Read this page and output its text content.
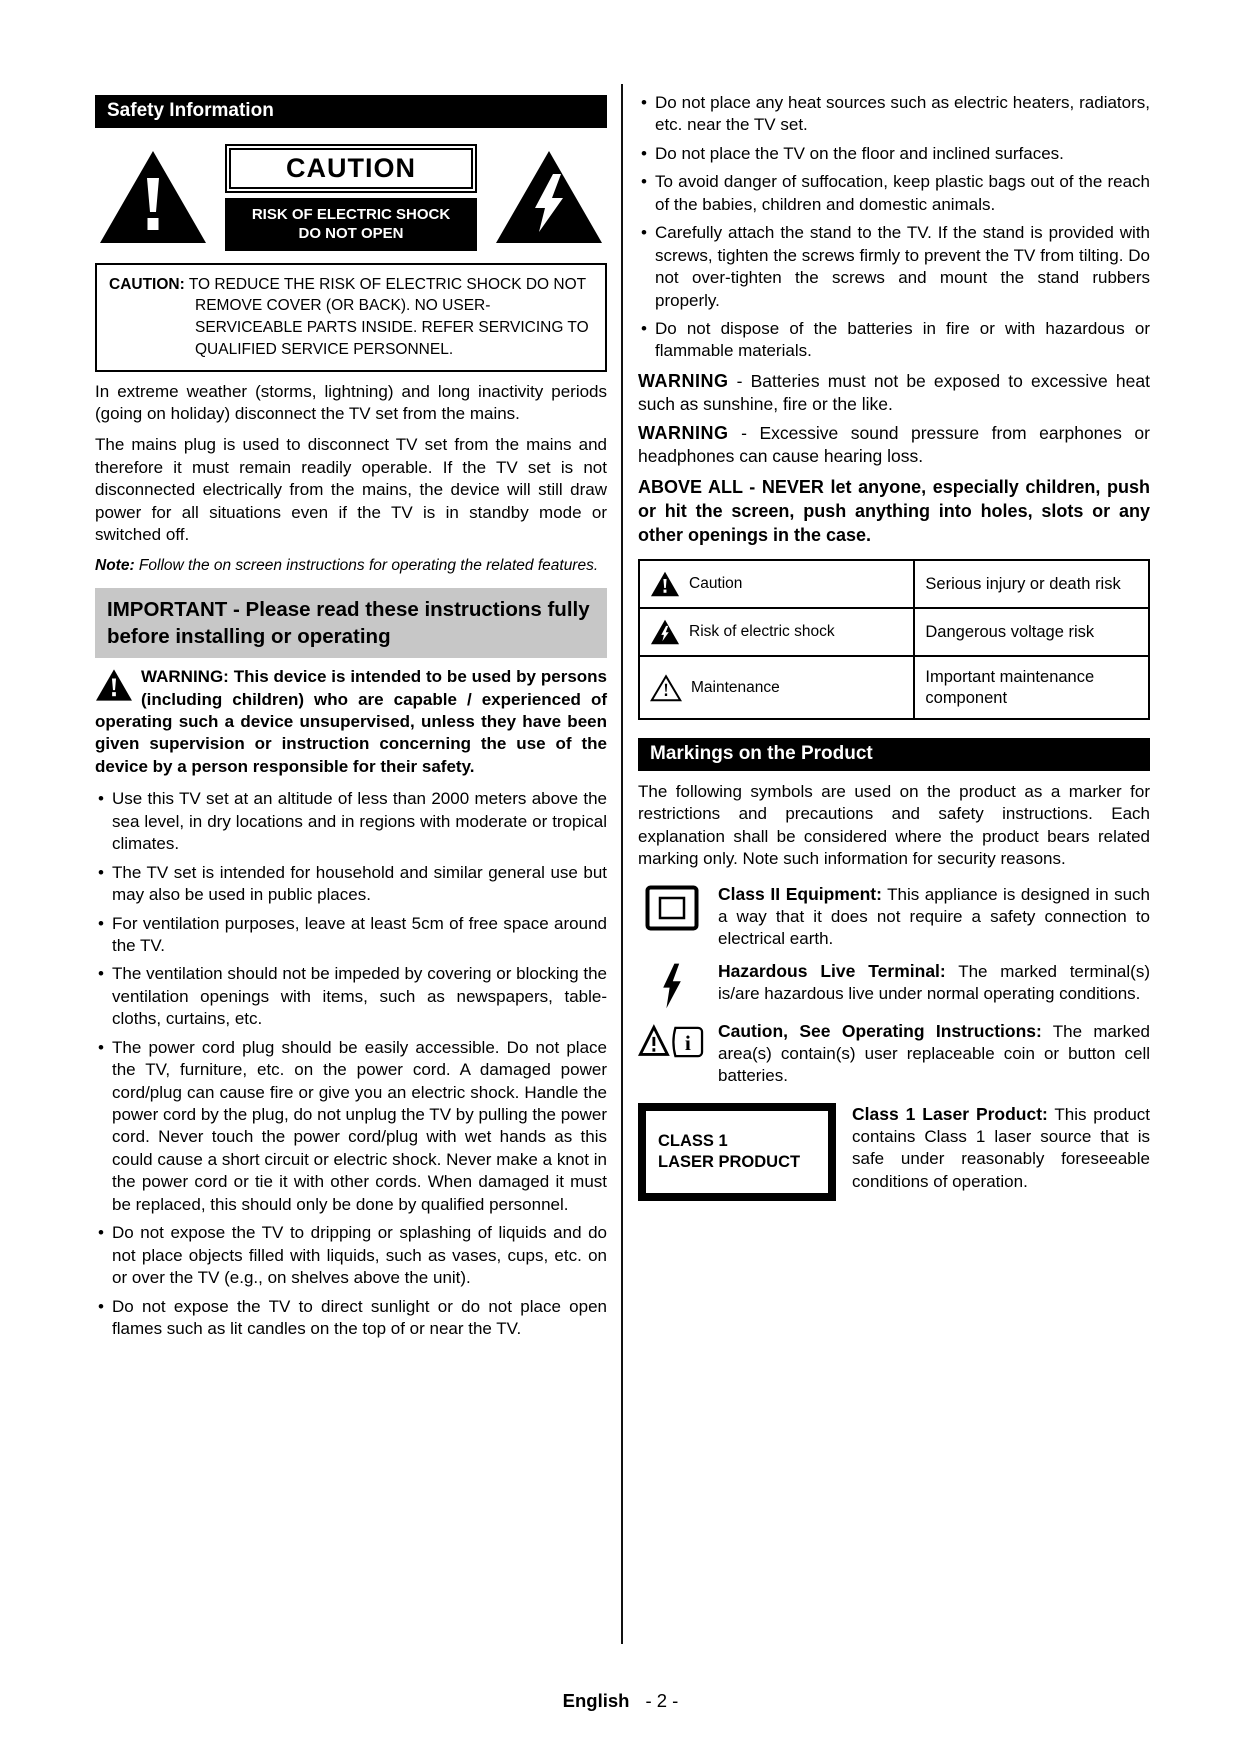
Safety Information
CAUTION
RISK OF ELECTRIC SHOCK
DO NOT OPEN

CAUTION: TO REDUCE THE RISK OF ELECTRIC SHOCK DO NOT REMOVE COVER (OR BACK). NO USER-SERVICEABLE PARTS INSIDE. REFER SERVICING TO QUALIFIED SERVICE PERSONNEL.

In extreme weather (storms, lightning) and long inactivity periods (going on holiday) disconnect the TV set from the mains.

The mains plug is used to disconnect TV set from the mains and therefore it must remain readily operable. If the TV set is not disconnected electrically from the mains, the device will still draw power for all situations even if the TV is in standby mode or switched off.

Note: Follow the on screen instructions for operating the related features.

IMPORTANT - Please read these instructions fully before installing or operating
WARNING: This device is intended to be used by persons (including children) who are capable / experienced of operating such a device unsupervised, unless they have been given supervision or instruction concerning the use of the device by a person responsible for their safety.
• Use this TV set at an altitude of less than 2000 meters above the sea level, in dry locations and in regions with moderate or tropical climates.
• The TV set is intended for household and similar general use but may also be used in public places.
• For ventilation purposes, leave at least 5cm of free space around the TV.
• The ventilation should not be impeded by covering or blocking the ventilation openings with items, such as newspapers, table-cloths, curtains, etc.
• The power cord plug should be easily accessible. Do not place the TV, furniture, etc. on the power cord. A damaged power cord/plug can cause fire or give you an electric shock. Handle the power cord by the plug, do not unplug the TV by pulling the power cord. Never touch the power cord/plug with wet hands as this could cause a short circuit or electric shock. Never make a knot in the power cord or tie it with other cords. When damaged it must be replaced, this should only be done by qualified personnel.
• Do not expose the TV to dripping or splashing of liquids and do not place objects filled with liquids, such as vases, cups, etc. on or over the TV (e.g., on shelves above the unit).
• Do not expose the TV to direct sunlight or do not place open flames such as lit candles on the top of or near the TV.
• Do not place any heat sources such as electric heaters, radiators, etc. near the TV set.
• Do not place the TV on the floor and inclined surfaces.
• To avoid danger of suffocation, keep plastic bags out of the reach of the babies, children and domestic animals.
• Carefully attach the stand to the TV. If the stand is provided with screws, tighten the screws firmly to prevent the TV from tilting. Do not over-tighten the screws and mount the stand rubbers properly.
• Do not dispose of the batteries in fire or with hazardous or flammable materials.

WARNING - Batteries must not be exposed to excessive heat such as sunshine, fire or the like.

WARNING - Excessive sound pressure from earphones or headphones can cause hearing loss.

ABOVE ALL - NEVER let anyone, especially children, push or hit the screen, push anything into holes, slots or any other openings in the case.

Caution	Serious injury or death risk

Risk of electric shock	Dangerous voltage risk

Maintenance	Important maintenance component
Markings on the Product

The following symbols are used on the product as a marker for restrictions and precautions and safety instructions. Each explanation shall be considered where the product bears related marking only. Note such information for security reasons.

Class II Equipment: This appliance is designed in such a way that it does not require a safety connection to electrical earth.

Hazardous Live Terminal: The marked terminal(s) is/are hazardous live under normal operating conditions.

i Caution, See Operating Instructions: The marked area(s) contain(s) user replaceable coin or button cell batteries.

CLASS 1
LASER PRODUCT

Class 1 Laser Product: This product contains Class 1 laser source that is safe under reasonably foreseeable conditions of operation.

English - 2 -
